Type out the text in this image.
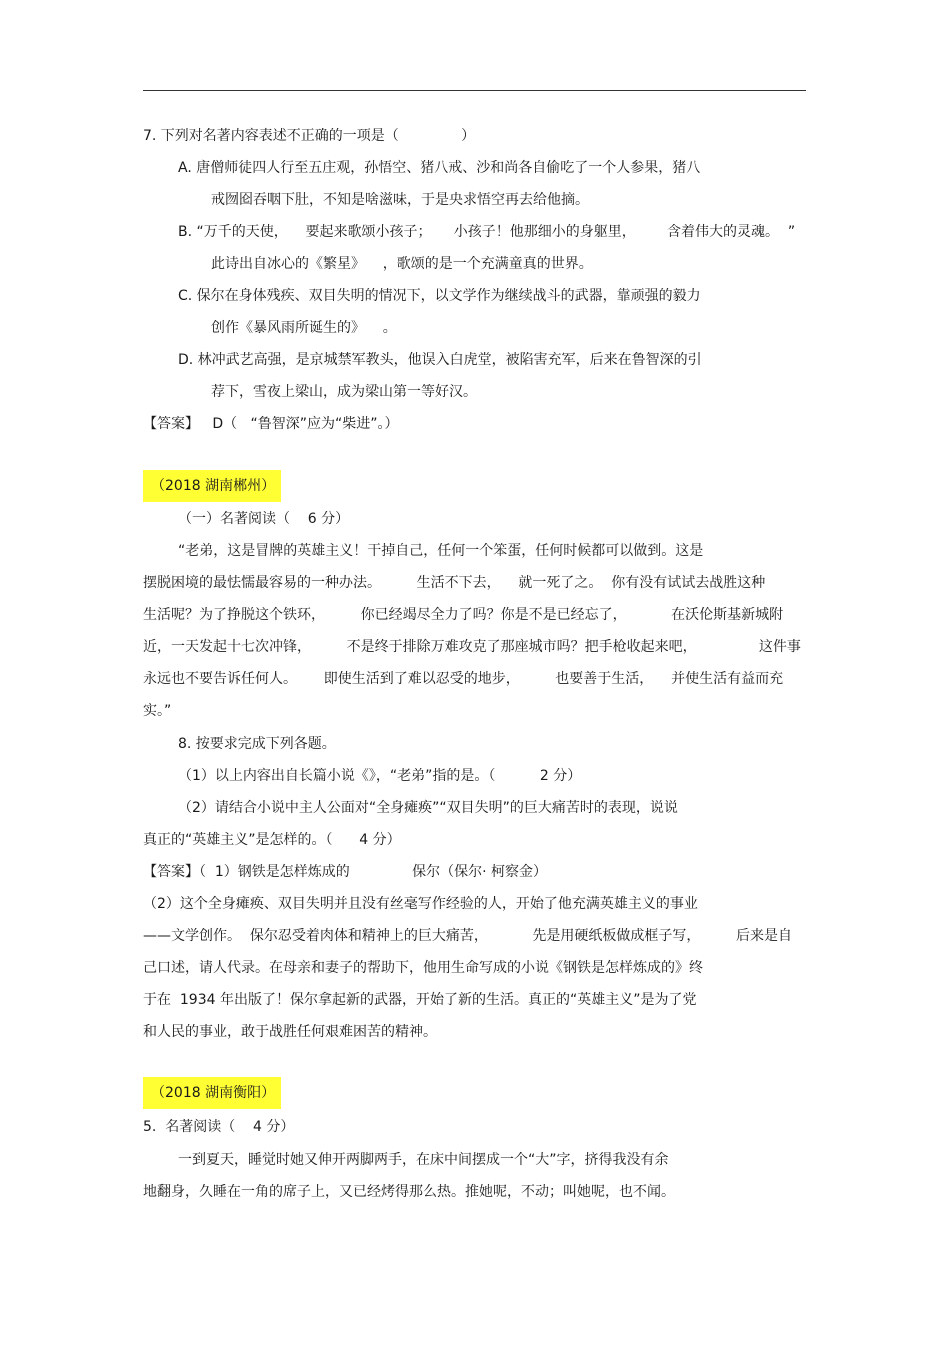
7. 下列对名著内容表述不正确的一项是（              ）
A. 唐僧师徒四人行至五庄观，孙悟空、猪八戒、沙和尚各自偷吃了一个人参果，猪八
戒囫囵吞咽下肚，不知是啥滋味，于是央求悟空再去给他摘。
B. “万千的天使，    要起来歌颂小孩子；     小孩子！他那细小的身躯里，       含着伟大的灵魂。  ”
此诗出自冰心的《繁星》    ，歌颂的是一个充满童真的世界。
C. 保尔在身体残疾、双目失明的情况下，以文学作为继续战斗的武器，靠顽强的毅力
创作《暴风雨所诞生的》    。
D. 林冲武艺高强，是京城禁军教头，他误入白虎堂，被陷害充军，后来在鲁智深的引
荐下，雪夜上梁山，成为梁山第一等好汉。
【答案】   D（   “鲁智深”应为“柴进”。）
（2018 湖南郴州）
（一）名著阅读（    6 分）
“老弟，这是冒牌的英雄主义！干掉自己，任何一个笨蛋，任何时候都可以做到。这是
摆脱困境的最怯懦最容易的一种办法。        生活不下去，    就一死了之。  你有没有试试去战胜这种
生活呢？为了挣脱这个铁环，        你已经竭尽全力了吗？你是不是已经忘了，          在沃伦斯基新城附
近，一天发起十七次冲锋，        不是终于排除万难攻克了那座城市吗？把手枪收起来吧，              这件事
永远也不要告诉任何人。      即使生活到了难以忍受的地步，        也要善于生活，    并使生活有益而充
实。”
8. 按要求完成下列各题。
（1）以上内容出自长篇小说《》，“老弟”指的是。（          2 分）
（2）请结合小说中主人公面对“全身瘫痪”“双目失明”的巨大痛苦时的表现，说说
真正的“英雄主义”是怎样的。（      4 分）
【答案】（  1）钢铁是怎样炼成的              保尔（保尔· 柯察金）
（2）这个全身瘫痪、双目失明并且没有丝毫写作经验的人，开始了他充满英雄主义的事业
——文学创作。  保尔忍受着肉体和精神上的巨大痛苦，          先是用硬纸板做成框子写，        后来是自
己口述，请人代录。在母亲和妻子的帮助下，他用生命写成的小说《钢铁是怎样炼成的》终
于在  1934 年出版了！保尔拿起新的武器，开始了新的生活。真正的“英雄主义”是为了党
和人民的事业，敢于战胜任何艰难困苦的精神。
（2018 湖南衡阳）
5.  名著阅读（    4 分）
一到夏天，睡觉时她又伸开两脚两手，在床中间摆成一个“大”字，挤得我没有余
地翻身，久睡在一角的席子上，又已经烤得那么热。推她呢，不动；叫她呢，也不闻。
